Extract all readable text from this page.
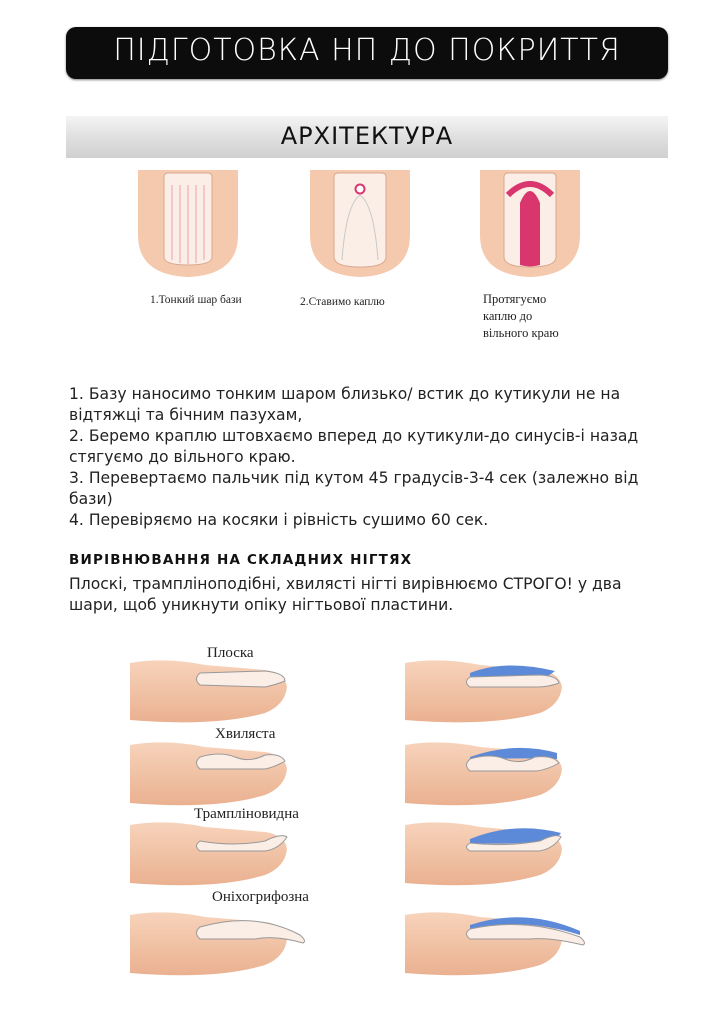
ПІДГОТОВКА НП ДО ПОКРИТТЯ
АРХІТЕКТУРА
1.Тонкий шар бази	2.Ставимо каплю	Протягуємо
каплю до
вільного краю
1. Базу наносимо тонким шаром близько/ встик до кутикули не на відтяжці та бічним пазухам,
2. Беремо краплю штовхаємо вперед до кутикули-до синусів-і назад стягуємо до вільного краю.
3. Перевертаємо пальчик під кутом 45 градусів-3-4 сек (залежно від бази)
4. Перевіряємо на косяки і рівність сушимо 60 сек.
ВИРІВНЮВАННЯ НА СКЛАДНИХ НІГТЯХ
Плоскі, трамплінoподібні, хвилясті нігті вирівнюємо СТРОГО! у два шари, щоб уникнути опіку нігтьової пластини.
Плоска
Хвиляста
Трампліновидна
Оніхогрифозна
